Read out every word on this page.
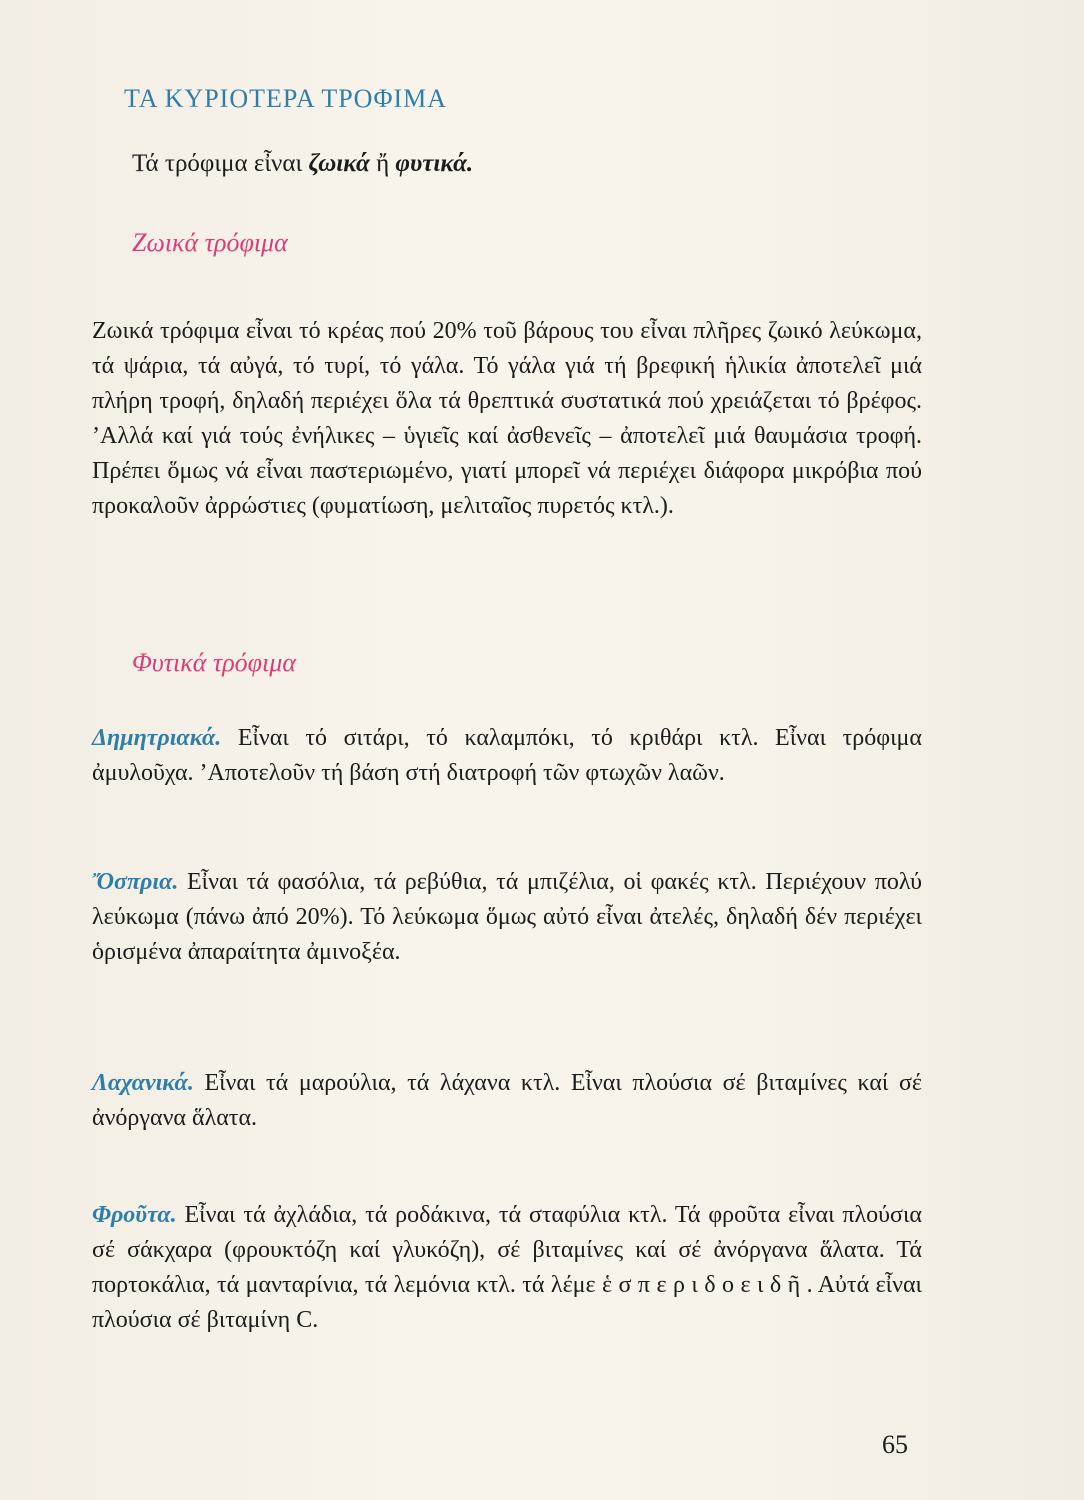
ΤΑ ΚΥΡΙΟΤΕΡΑ ΤΡΟΦΙΜΑ

Τά τρόφιμα εἶναι ζωικά ἤ φυτικά.

Ζωικά τρόφιμα

Ζωικά τρόφιμα εἶναι τό κρέας πού 20% τοῦ βάρους του εἶναι πλῆρες ζωικό λεύκωμα, τά ψάρια, τά αὐγά, τό τυρί, τό γάλα. Τό γάλα γιά τή βρεφική ἡλικία ἀποτελεῖ μιά πλήρη τροφή, δηλαδή περιέχει ὅλα τά θρεπτικά συστατικά πού χρειάζεται τό βρέφος. ’Αλλά καί γιά τούς ἐνήλικες – ὑγιεῖς καί ἀσθενεῖς – ἀποτελεῖ μιά θαυμάσια τροφή. Πρέπει ὅμως νά εἶναι παστεριωμένο, γιατί μπορεῖ νά περιέχει διάφορα μικρόβια πού προκαλοῦν ἀρρώστιες (φυματίωση, μελιταῖος πυρετός κτλ.).

Φυτικά τρόφιμα

Δημητριακά. Εἶναι τό σιτάρι, τό καλαμπόκι, τό κριθάρι κτλ. Εἶναι τρόφιμα ἀμυλοῦχα. ’Αποτελοῦν τή βάση στή διατροφή τῶν φτωχῶν λαῶν.

Ὄσπρια. Εἶναι τά φασόλια, τά ρεβύθια, τά μπιζέλια, οἱ φακές κτλ. Περιέχουν πολύ λεύκωμα (πάνω ἀπό 20%). Τό λεύκωμα ὅμως αὐτό εἶναι ἀτελές, δηλαδή δέν περιέχει ὁρισμένα ἀπαραίτητα ἀμινοξέα.

Λαχανικά. Εἶναι τά μαρούλια, τά λάχανα κτλ. Εἶναι πλούσια σέ βιταμίνες καί σέ ἀνόργανα ἅλατα.

Φροῦτα. Εἶναι τά ἀχλάδια, τά ροδάκινα, τά σταφύλια κτλ. Τά φροῦτα εἶναι πλούσια σέ σάκχαρα (φρουκτόζη καί γλυκόζη), σέ βιταμίνες καί σέ ἀνόργανα ἅλατα. Τά πορτοκάλια, τά μανταρίνια, τά λεμόνια κτλ. τά λέμε ἑ σ π ε ρ ι δ ο ε ι δ ῆ . Αὐτά εἶναι πλούσια σέ βιταμίνη C.

65
